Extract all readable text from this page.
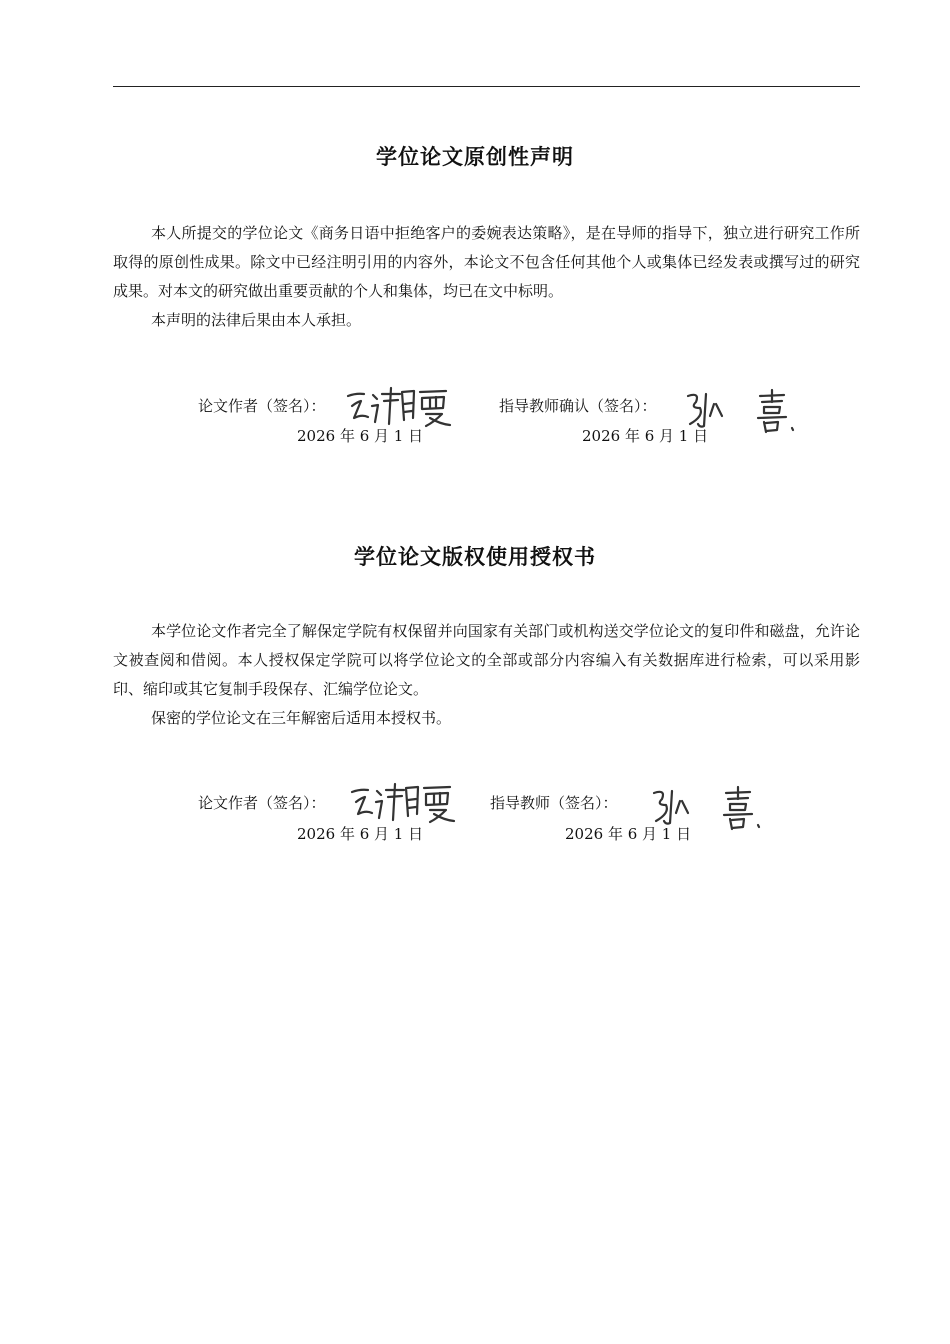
学位论文原创性声明

本人所提交的学位论文《商务日语中拒绝客户的委婉表达策略》，是在导师的指导下，独立进行研究工作所取得的原创性成果。除文中已经注明引用的内容外，本论文不包含任何其他个人或集体已经发表或撰写过的研究成果。对本文的研究做出重要贡献的个人和集体，均已在文中标明。

本声明的法律后果由本人承担。

论文作者（签名）：
2026 年 6 月 1 日
指导教师确认（签名）：
2026 年 6 月 1 日
学位论文版权使用授权书

本学位论文作者完全了解保定学院有权保留并向国家有关部门或机构送交学位论文的复印件和磁盘，允许论文被查阅和借阅。本人授权保定学院可以将学位论文的全部或部分内容编入有关数据库进行检索，可以采用影印、缩印或其它复制手段保存、汇编学位论文。

保密的学位论文在三年解密后适用本授权书。

论文作者（签名）：
2026 年 6 月 1 日
指导教师（签名）：
2026 年 6 月 1 日
